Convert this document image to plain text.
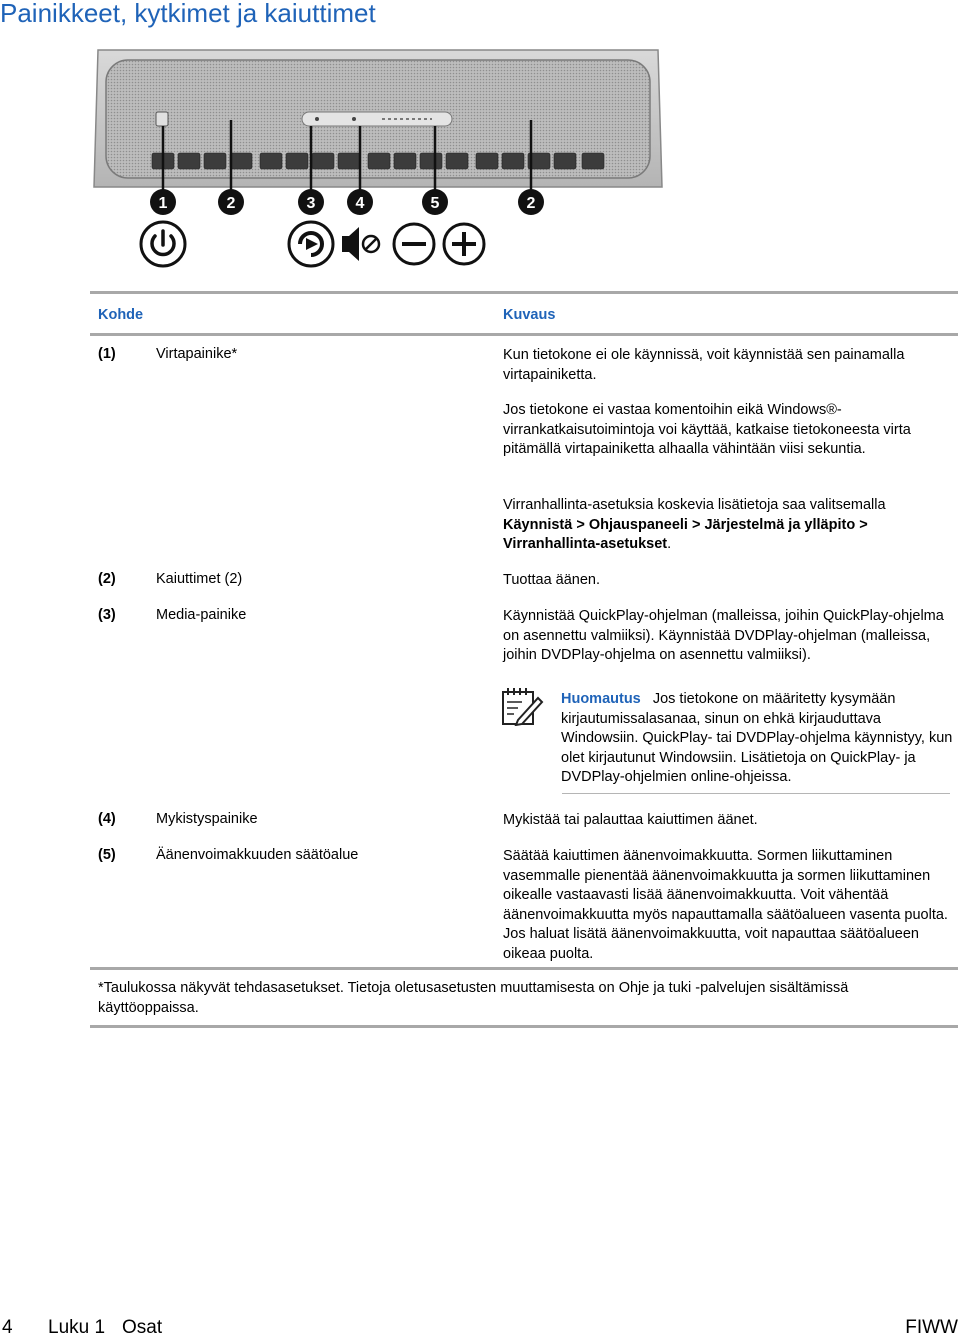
Painikkeet, kytkimet ja kaiuttimet
1	2	3	4	5	2
Kohde	Kuvaus
(1)	Virtapainike*	Kun tietokone ei ole käynnissä, voit käynnistää sen painamalla virtapainiketta.
Jos tietokone ei vastaa komentoihin eikä Windows®-virrankatkaisutoimintoja voi käyttää, katkaise tietokoneesta virta pitämällä virtapainiketta alhaalla vähintään viisi sekuntia.
Virranhallinta-asetuksia koskevia lisätietoja saa valitsemalla Käynnistä > Ohjauspaneeli > Järjestelmä ja ylläpito > Virranhallinta-asetukset.
(2)	Kaiuttimet (2)	Tuottaa äänen.
(3)	Media-painike	Käynnistää QuickPlay-ohjelman (malleissa, joihin QuickPlay-ohjelma on asennettu valmiiksi). Käynnistää DVDPlay-ohjelman (malleissa, joihin DVDPlay-ohjelma on asennettu valmiiksi).
Huomautus Jos tietokone on määritetty kysymään kirjautumissalasanaa, sinun on ehkä kirjauduttava Windowsiin. QuickPlay- tai DVDPlay-ohjelma käynnistyy, kun olet kirjautunut Windowsiin. Lisätietoja on QuickPlay- ja DVDPlay-ohjelmien online-ohjeissa.
(4)	Mykistyspainike	Mykistää tai palauttaa kaiuttimen äänet.
(5)	Äänenvoimakkuuden säätöalue	Säätää kaiuttimen äänenvoimakkuutta. Sormen liikuttaminen vasemmalle pienentää äänenvoimakkuutta ja sormen liikuttaminen oikealle vastaavasti lisää äänenvoimakkuutta. Voit vähentää äänenvoimakkuutta myös napauttamalla säätöalueen vasenta puolta. Jos haluat lisätä äänenvoimakkuutta, voit napauttaa säätöalueen oikeaa puolta.
*Taulukossa näkyvät tehdasasetukset. Tietoja oletusasetusten muuttamisesta on Ohje ja tuki -palvelujen sisältämissä käyttöoppaissa.
4 Luku 1 Osat	FIWW
